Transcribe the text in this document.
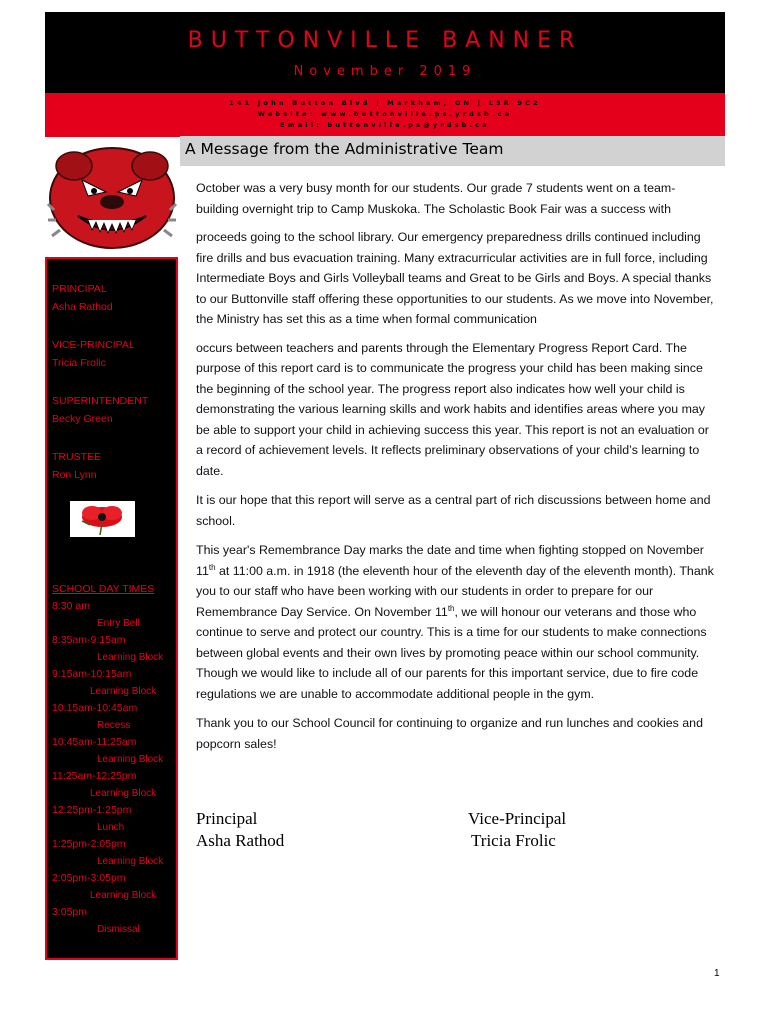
BUTTONVILLE BANNER
November 2019
141 John Button Blvd | Markham, ON | L3R 9C2
Website: www.buttonville.ps.yrdsb.ca
Email: buttonville.ps@yrdsb.ca
A Message from the Administrative Team
PRINCIPAL
Asha Rathod
VICE-PRINCIPAL
Tricia Frolic
SUPERINTENDENT
Becky Green
TRUSTEE
Ron Lynn
SCHOOL DAY TIMES
8:30 am
Entry Bell
8:35am-9:15am
Learning Block
9:15am-10:15am
Learning Block
10:15am-10:45am
Recess
10:45am-11:25am
Learning Block
11:25am-12:25pm
Learning Block
12:25pm-1:25pm
Lunch
1:25pm-2:05pm
Learning Block
2:05pm-3:05pm
Learning Block
3:05pm
Dismissal

October was a very busy month for our students. Our grade 7 students went on a team-building overnight trip to Camp Muskoka. The Scholastic Book Fair was a success with

proceeds going to the school library. Our emergency preparedness drills continued including fire drills and bus evacuation training. Many extracurricular activities are in full force, including Intermediate Boys and Girls Volleyball teams and Great to be Girls and Boys. A special thanks to our Buttonville staff offering these opportunities to our students. As we move into November, the Ministry has set this as a time when formal communication

occurs between teachers and parents through the Elementary Progress Report Card. The purpose of this report card is to communicate the progress your child has been making since the beginning of the school year. The progress report also indicates how well your child is demonstrating the various learning skills and work habits and identifies areas where you may be able to support your child in achieving success this year. This report is not an evaluation or a record of achievement levels. It reflects preliminary observations of your child’s learning to date.

It is our hope that this report will serve as a central part of rich discussions between home and school.

This year's Remembrance Day marks the date and time when fighting stopped on November 11th at 11:00 a.m. in 1918 (the eleventh hour of the eleventh day of the eleventh month). Thank you to our staff who have been working with our students in order to prepare for our Remembrance Day Service. On November 11th, we will honour our veterans and those who continue to serve and protect our country. This is a time for our students to make connections between global events and their own lives by promoting peace within our school community. Though we would like to include all of our parents for this important service, due to fire code regulations we are unable to accommodate additional people in the gym.

Thank you to our School Council for continuing to organize and run lunches and cookies and popcorn sales!

Principal
Asha Rathod
Vice-Principal
Tricia Frolic
1
